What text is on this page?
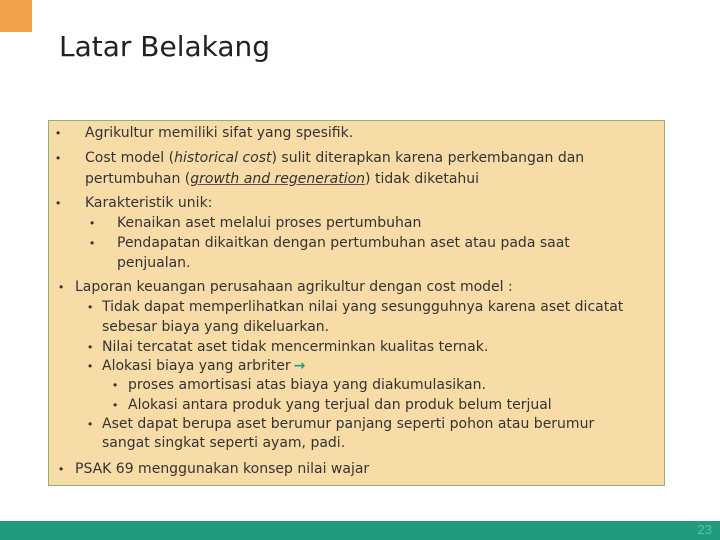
Latar Belakang
• Agrikultur memiliki sifat yang spesifik.
• Cost model (historical cost) sulit diterapkan karena perkembangan dan
pertumbuhan (growth and regeneration) tidak diketahui
• Karakteristik unik:
• Kenaikan aset melalui proses pertumbuhan
• Pendapatan dikaitkan dengan pertumbuhan aset atau pada saat
penjualan.
• Laporan keuangan perusahaan agrikultur dengan cost model :
• Tidak dapat memperlihatkan nilai yang sesungguhnya karena aset dicatat
sebesar biaya yang dikeluarkan.
• Nilai tercatat aset tidak mencerminkan kualitas ternak.
• Alokasi biaya yang arbriter →
• proses amortisasi atas biaya yang diakumulasikan.
• Alokasi antara produk yang terjual dan produk belum terjual
• Aset dapat berupa aset berumur panjang seperti pohon atau berumur
sangat singkat seperti ayam, padi.
• PSAK 69 menggunakan konsep nilai wajar
23
